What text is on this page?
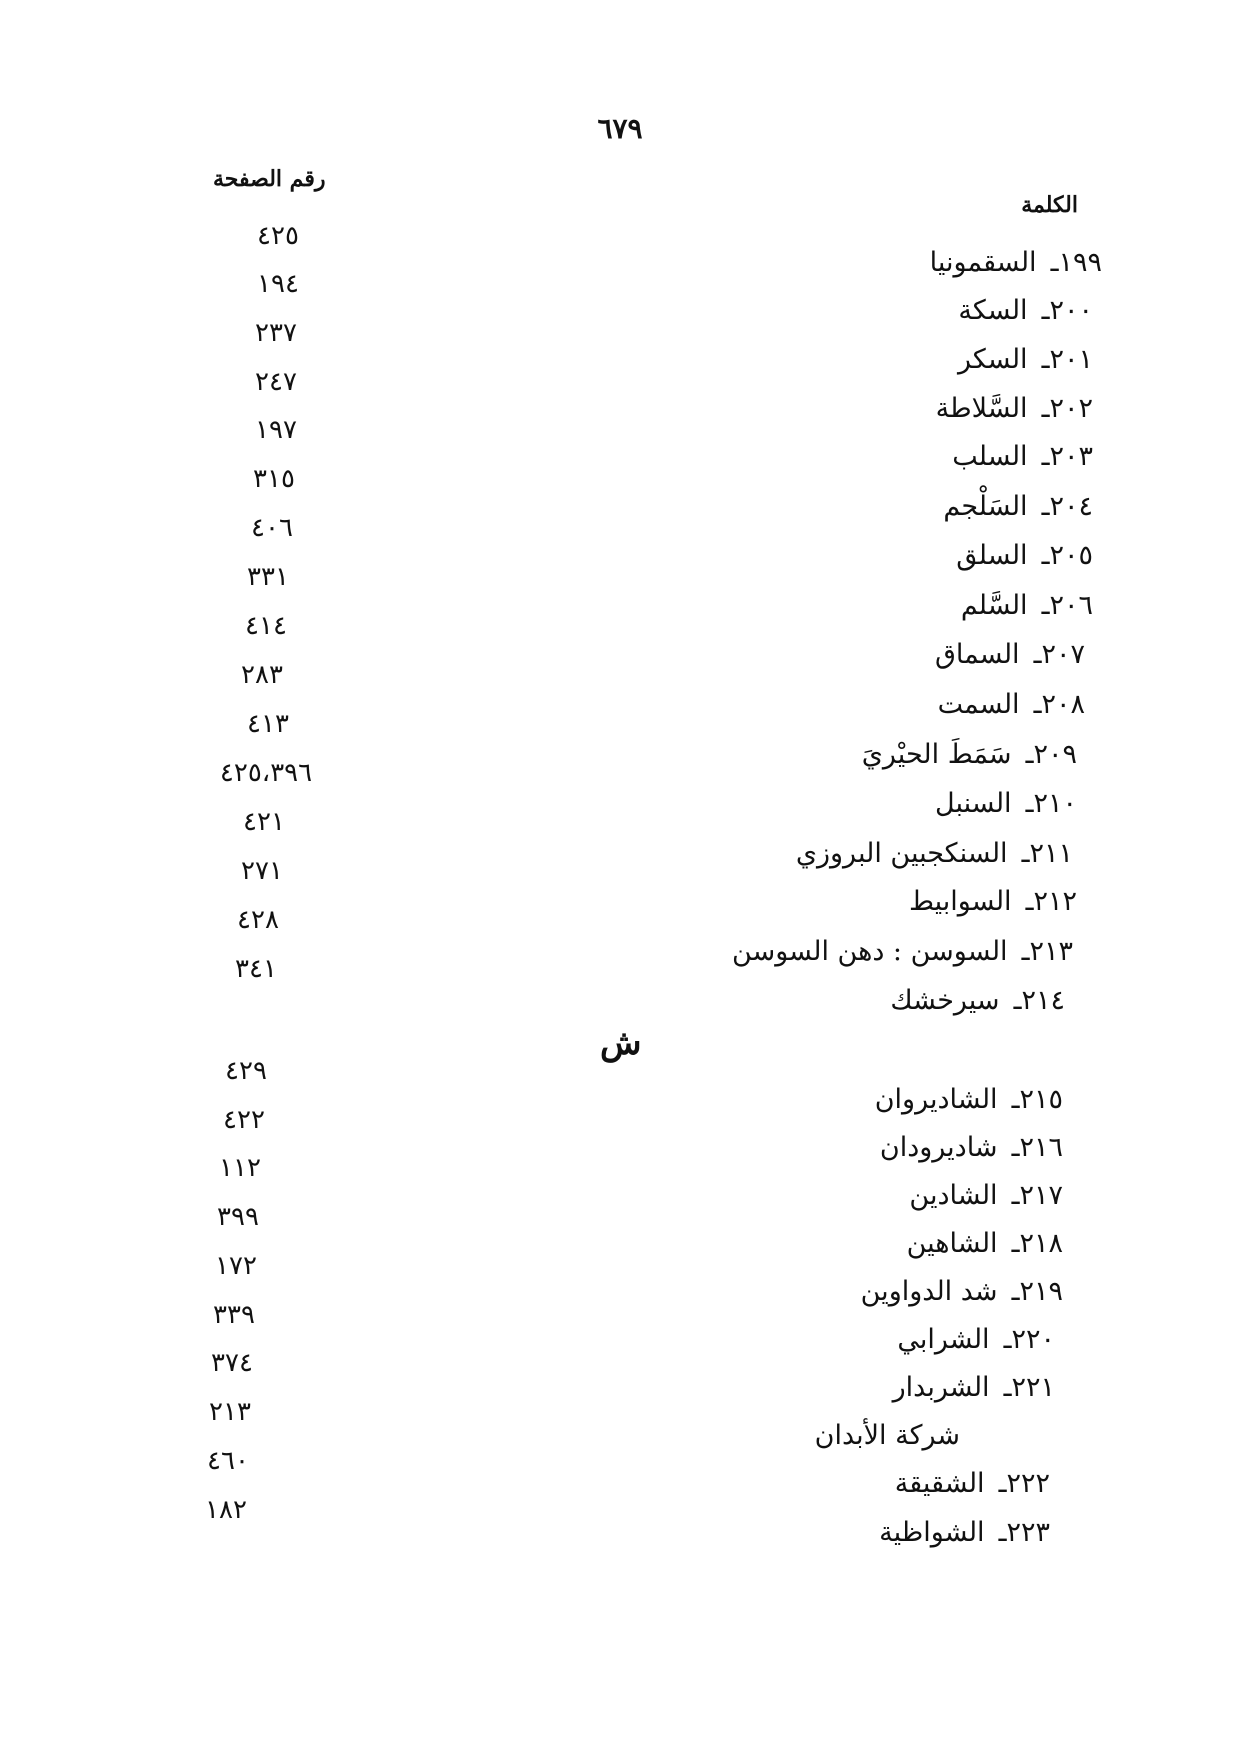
٦٧٩
الكلمة
رقم الصفحة
ش
١٩٩ـالسقمونيا
٤٢٥
٢٠٠ـالسكة
١٩٤
٢٠١ـالسكر
٢٣٧
٢٠٢ـالسَّلاطة
٢٤٧
٢٠٣ـالسلب
١٩٧
٢٠٤ـالسَلْجم
٣١٥
٢٠٥ـالسلق
٤٠٦
٢٠٦ـالسَّلم
٣٣١
٢٠٧ـالسماق
٤١٤
٢٠٨ـالسمت
٢٨٣
٢٠٩ـسَمَطَ الحيْريَ
٤١٣
٢١٠ـالسنبل
٤٢٥،٣٩٦
٢١١ـالسنكجبين البروزي
٤٢١
٢١٢ـالسوابيط
٢٧١
٢١٣ـالسوسن : دهن السوسن
٤٢٨
٢١٤ـسيرخشك
٣٤١
٢١٥ـالشاديروان
٤٢٩
٢١٦ـشاديرودان
٤٢٢
٢١٧ـالشادين
١١٢
٢١٨ـالشاهين
٣٩٩
٢١٩ـشد الدواوين
١٧٢
٢٢٠ـالشرابي
٣٣٩
٢٢١ـالشربدار
٣٧٤
شركة الأبدان
٢١٣
٢٢٢ـالشقيقة
٤٦٠
٢٢٣ـالشواظية
١٨٢
